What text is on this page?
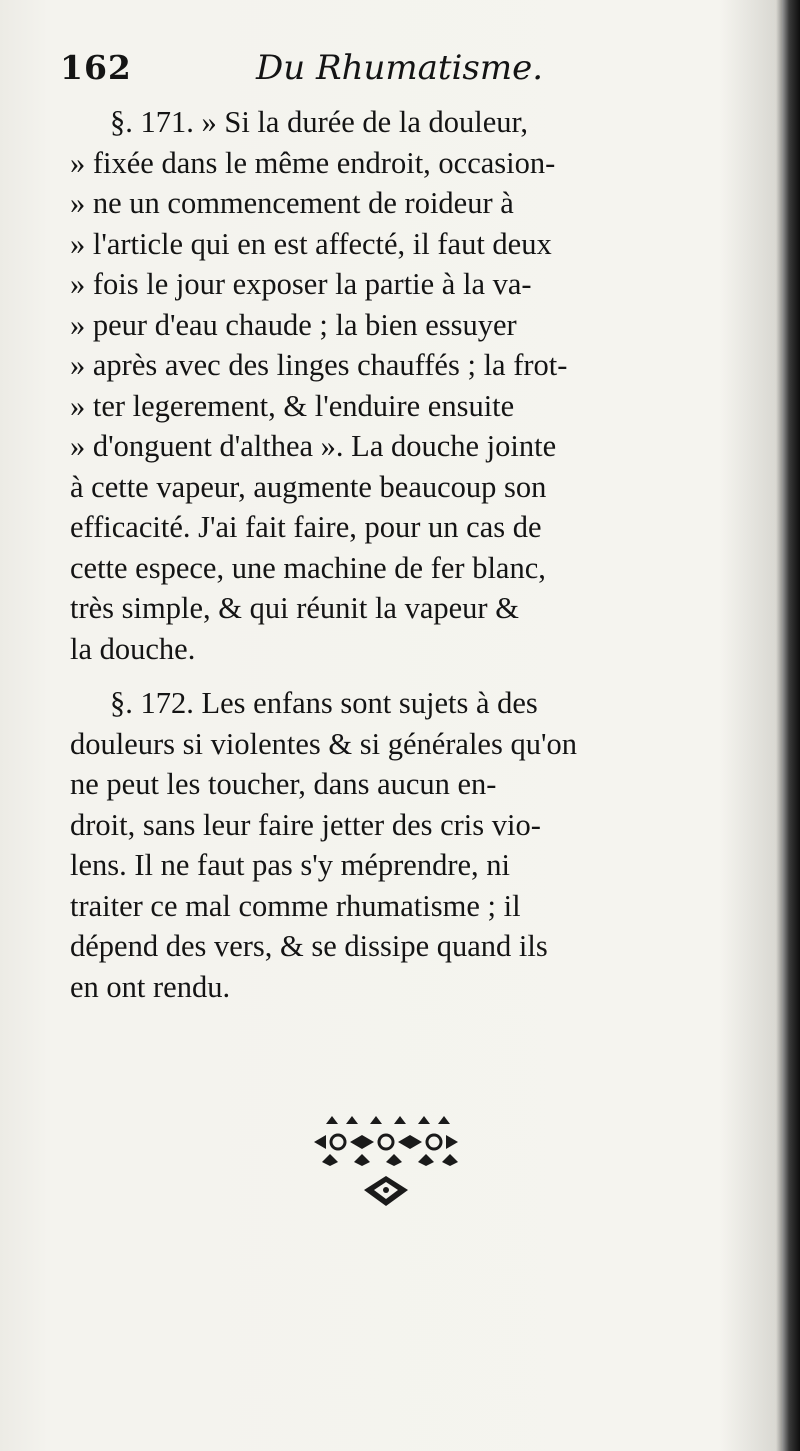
162	Du Rhumatisme.
§. 171. » Si la durée de la douleur,
» fixée dans le même endroit, occasion-
» ne un commencement de roideur à
» l'article qui en est affecté, il faut deux
» fois le jour exposer la partie à la va-
» peur d'eau chaude ; la bien essuyer
» après avec des linges chauffés ; la frot-
» ter legerement, & l'enduire ensuite
» d'onguent d'althea ». La douche jointe
à cette vapeur, augmente beaucoup son
efficacité. J'ai fait faire, pour un cas de
cette espece, une machine de fer blanc,
très simple, & qui réunit la vapeur &
la douche.
§. 172. Les enfans sont sujets à des
douleurs si violentes & si générales qu'on
ne peut les toucher, dans aucun en-
droit, sans leur faire jetter des cris vio-
lens. Il ne faut pas s'y méprendre, ni
traiter ce mal comme rhumatisme ; il
dépend des vers, & se dissipe quand ils
en ont rendu.
